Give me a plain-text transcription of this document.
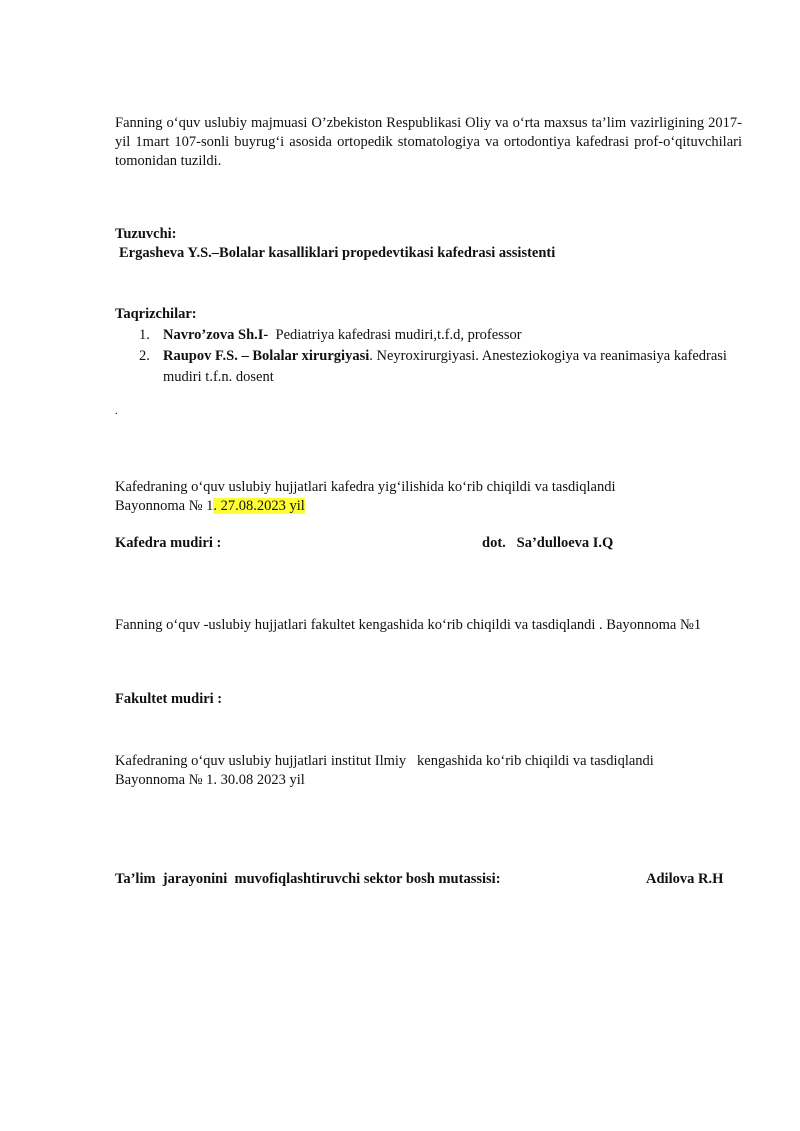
Fanning o‘quv uslubiy majmuasi O’zbekiston Respublikasi Oliy va o‘rta maxsus ta’lim vazirligining 2017-yil 1mart 107-sonli buyrug‘i asosida ortopedik stomatologiya va ortodontiya kafedrasi prof-o‘qituvchilari tomonidan tuzildi.
Tuzuvchi:
Ergasheva Y.S.–Bolalar kasalliklari propedevtikasi kafedrasi assistenti
Taqrizchilar:
1. Navro’zova Sh.I-  Pediatriya kafedrasi mudiri,t.f.d, professor
2. Raupov F.S. – Bolalar xirurgiyasi. Neyroxirurgiyasi. Anesteziokogiya va reanimasiya kafedrasi mudiri t.f.n. dosent
.
Kafedraning o‘quv uslubiy hujjatlari kafedra yig‘ilishida ko‘rib chiqildi va tasdiqlandi
Bayonnoma № 1. 27.08.2023 yil
Kafedra mudiri :	dot.   Sa’dulloeva I.Q
Fanning o‘quv -uslubiy hujjatlari fakultet kengashida ko‘rib chiqildi va tasdiqlandi . Bayonnoma №1
Fakultet mudiri :
Kafedraning o‘quv uslubiy hujjatlari institut Ilmiy   kengashida ko‘rib chiqildi va tasdiqlandi
Bayonnoma № 1. 30.08 2023 yil
Ta’lim  jarayonini  muvofiqlashtiruvchi sektor bosh mutassisi:	Adilova R.H
